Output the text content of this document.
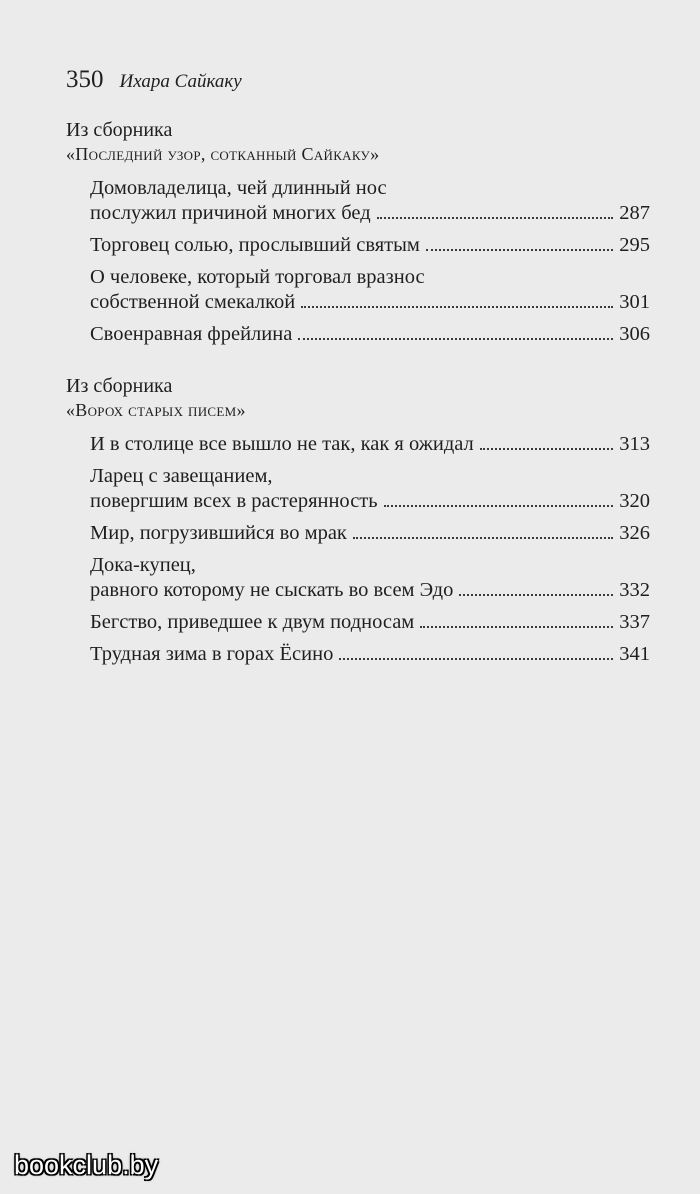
350 Ихара Сайкаку
Из сборника
«Последний узор, сотканный Сайкаку»
Домовладелица, чей длинный нос
послужил причиной многих бед	287
Торговец солью, прослывший святым	295
О человеке, который торговал вразнос
собственной смекалкой	301
Своенравная фрейлина	306
Из сборника
«Ворох старых писем»
И в столице все вышло не так, как я ожидал	313
Ларец с завещанием,
повергшим всех в растерянность	320
Мир, погрузившийся во мрак	326
Дока-купец,
равного которому не сыскать во всем Эдо	332
Бегство, приведшее к двум подносам	337
Трудная зима в горах Ёсино	341
bookclub.by
